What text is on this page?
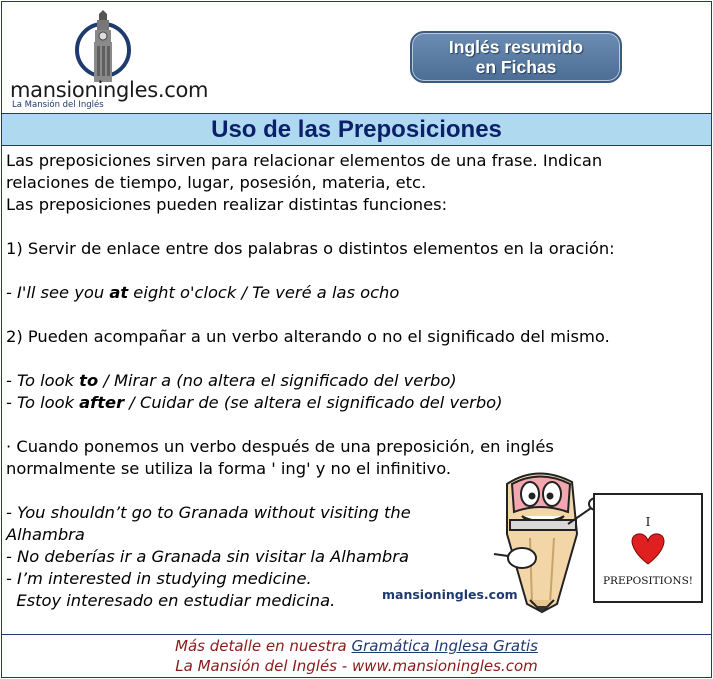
mansioningles.com
La Mansión del Inglés
Inglés resumido
en Fichas
Uso de las Preposiciones

Las preposiciones sirven para relacionar elementos de una frase. Indican

relaciones de tiempo, lugar, posesión, materia, etc.

Las preposiciones pueden realizar distintas funciones:

1) Servir de enlace entre dos palabras o distintos elementos en la oración:

- I'll see you at eight o'clock / Te veré a las ocho

2) Pueden acompañar a un verbo alterando o no el significado del mismo.

- To look to / Mirar a (no altera el significado del verbo)

- To look after / Cuidar de (se altera el significado del verbo)

· Cuando ponemos un verbo después de una preposición, en inglés

normalmente se utiliza la forma ' ing' y no el infinitivo.

- You shouldn’t go to Granada without visiting the Alhambra

- No deberías ir a Granada sin visitar la Alhambra

- I’m interested in studying medicine.

Estoy interesado en estudiar medicina.

I
PREPOSITIONS!
mansioningles.com
Más detalle en nuestra Gramática Inglesa Gratis
La Mansión del Inglés - www.mansioningles.com
